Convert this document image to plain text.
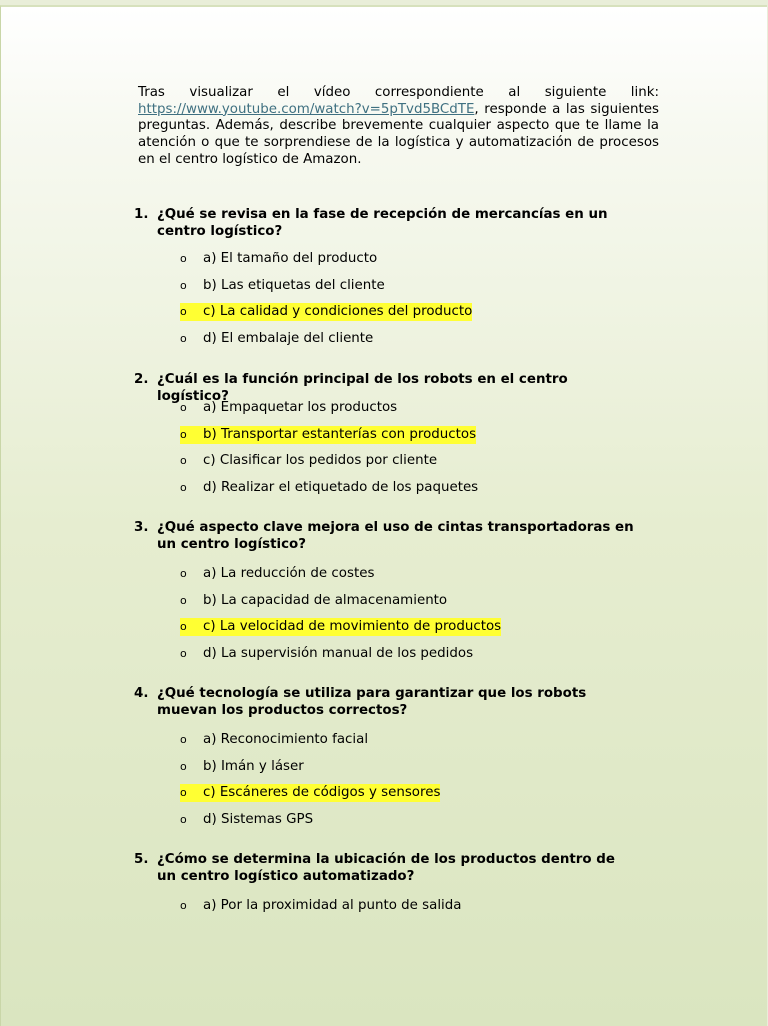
Tras visualizar el vídeo correspondiente al siguiente link: https://www.youtube.com/watch?v=5pTvd5BCdTE, responde a las siguientes preguntas. Además, describe brevemente cualquier aspecto que te llame la atención o que te sorprendiese de la logística y automatización de procesos en el centro logístico de Amazon.
1. ¿Qué se revisa en la fase de recepción de mercancías en un centro logístico?
o a) El tamaño del producto
o b) Las etiquetas del cliente
o c) La calidad y condiciones del producto
o d) El embalaje del cliente
2. ¿Cuál es la función principal de los robots en el centro logístico?
o a) Empaquetar los productos
o b) Transportar estanterías con productos
o c) Clasificar los pedidos por cliente
o d) Realizar el etiquetado de los paquetes
3. ¿Qué aspecto clave mejora el uso de cintas transportadoras en un centro logístico?
o a) La reducción de costes
o b) La capacidad de almacenamiento
o c) La velocidad de movimiento de productos
o d) La supervisión manual de los pedidos
4. ¿Qué tecnología se utiliza para garantizar que los robots muevan los productos correctos?
o a) Reconocimiento facial
o b) Imán y láser
o c) Escáneres de códigos y sensores
o d) Sistemas GPS
5. ¿Cómo se determina la ubicación de los productos dentro de un centro logístico automatizado?
o a) Por la proximidad al punto de salida
